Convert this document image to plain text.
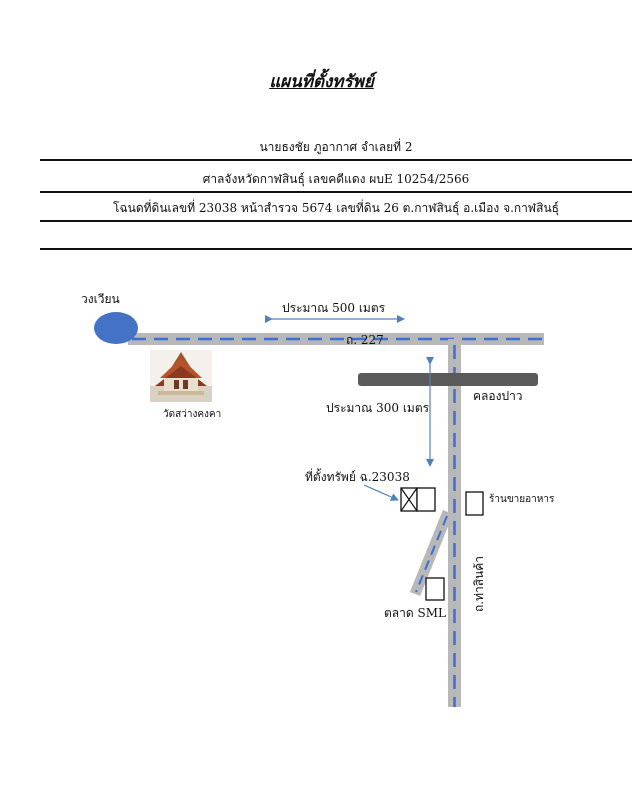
แผนที่ตั้งทรัพย์
นายธงชัย ภูอากาศ จำเลยที่ 2
ศาลจังหวัดกาฬสินธุ์ เลขคดีแดง ผบE 10254/2566
โฉนดที่ดินเลขที่ 23038 หน้าสำรวจ 5674 เลขที่ดิน 26 ต.กาฬสินธุ์ อ.เมือง จ.กาฬสินธุ์
วงเวียน
ประมาณ 500 เมตร
ถ. 227
วัดสว่างคงคา
คลองปาว
ประมาณ 300 เมตร
ที่ตั้งทรัพย์ ฉ.23038
ร้านขายอาหาร
ตลาด SML
ถ.ท่าสินค้า
